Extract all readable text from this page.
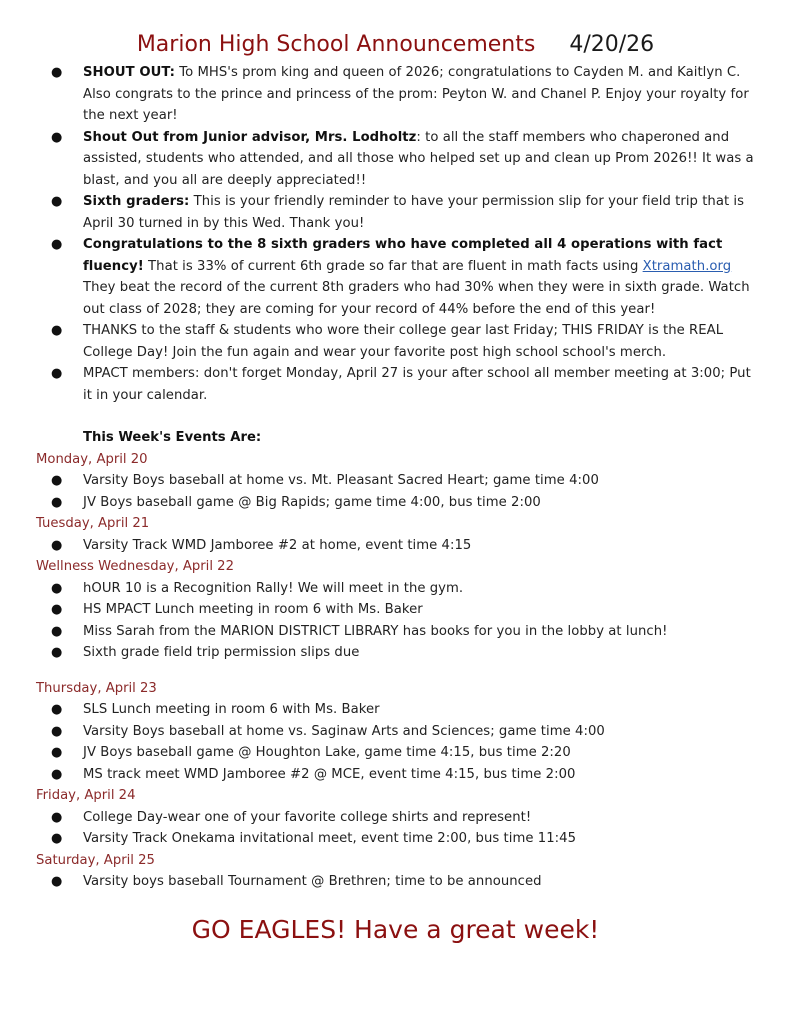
Marion High School Announcements 4/20/26
● SHOUT OUT: To MHS's prom king and queen of 2026; congratulations to Cayden M. and Kaitlyn C. Also congrats to the prince and princess of the prom: Peyton W. and Chanel P. Enjoy your royalty for the next year!
● Shout Out from Junior advisor, Mrs. Lodholtz: to all the staff members who chaperoned and assisted, students who attended, and all those who helped set up and clean up Prom 2026!! It was a blast, and you all are deeply appreciated!!
● Sixth graders: This is your friendly reminder to have your permission slip for your field trip that is April 30 turned in by this Wed. Thank you!
● Congratulations to the 8 sixth graders who have completed all 4 operations with fact fluency! That is 33% of current 6th grade so far that are fluent in math facts using Xtramath.org They beat the record of the current 8th graders who had 30% when they were in sixth grade. Watch out class of 2028; they are coming for your record of 44% before the end of this year!
● THANKS to the staff & students who wore their college gear last Friday; THIS FRIDAY is the REAL College Day! Join the fun again and wear your favorite post high school school's merch.
● MPACT members: don't forget Monday, April 27 is your after school all member meeting at 3:00; Put it in your calendar.
This Week's Events Are:
Monday, April 20
● Varsity Boys baseball at home vs. Mt. Pleasant Sacred Heart; game time 4:00
● JV Boys baseball game @ Big Rapids; game time 4:00, bus time 2:00
Tuesday, April 21
● Varsity Track WMD Jamboree #2 at home, event time 4:15
Wellness Wednesday, April 22
● hOUR 10 is a Recognition Rally! We will meet in the gym.
● HS MPACT Lunch meeting in room 6 with Ms. Baker
● Miss Sarah from the MARION DISTRICT LIBRARY has books for you in the lobby at lunch!
● Sixth grade field trip permission slips due
Thursday, April 23
● SLS Lunch meeting in room 6 with Ms. Baker
● Varsity Boys baseball at home vs. Saginaw Arts and Sciences; game time 4:00
● JV Boys baseball game @ Houghton Lake, game time 4:15, bus time 2:20
● MS track meet WMD Jamboree #2 @ MCE, event time 4:15, bus time 2:00
Friday, April 24
● College Day-wear one of your favorite college shirts and represent!
● Varsity Track Onekama invitational meet, event time 2:00, bus time 11:45
Saturday, April 25
● Varsity boys baseball Tournament @ Brethren; time to be announced
GO EAGLES! Have a great week!
